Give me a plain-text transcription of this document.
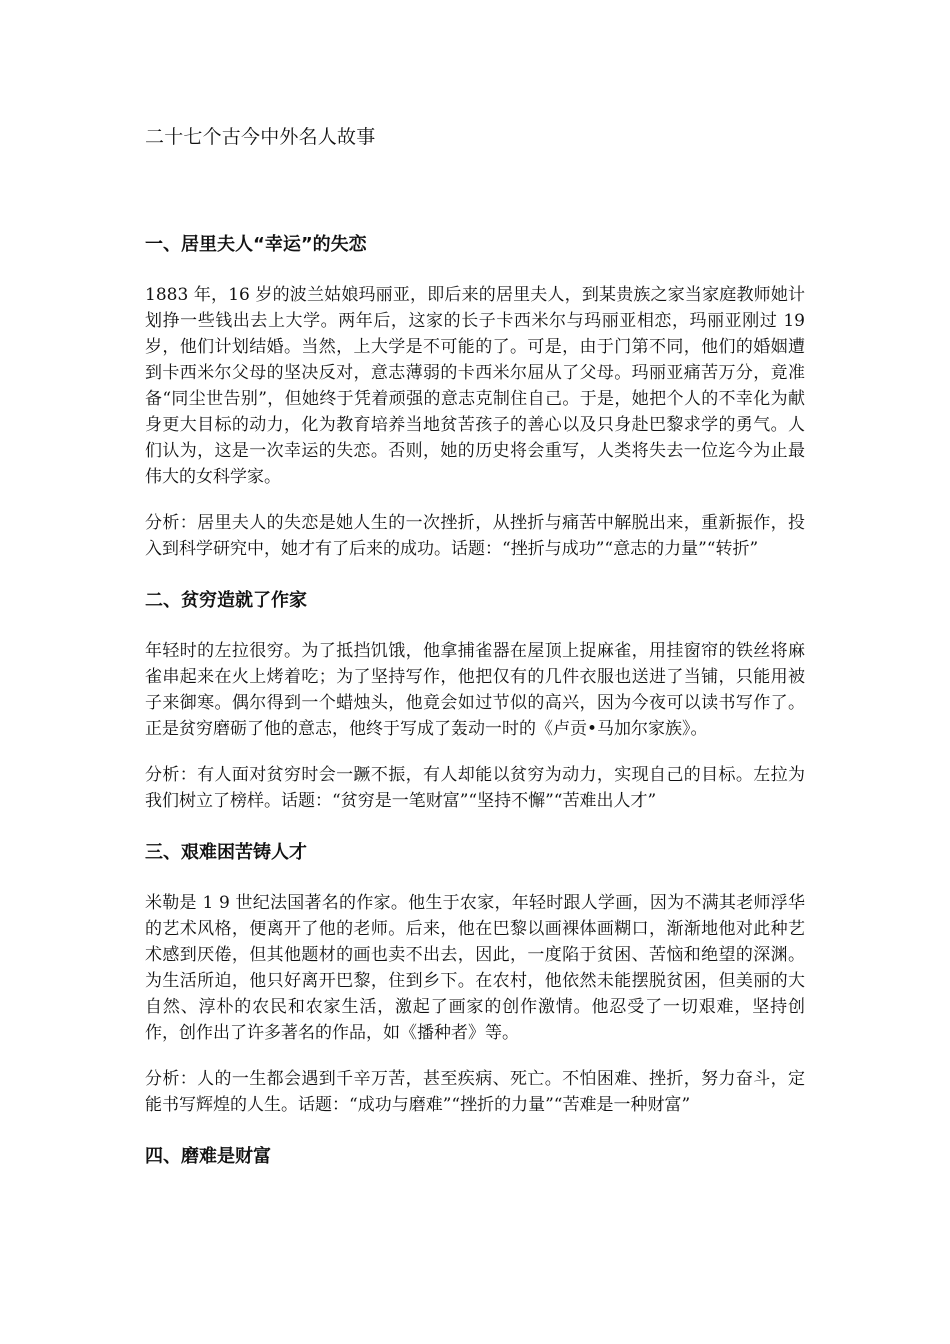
二十七个古今中外名人故事
一、居里夫人“幸运”的失恋

1883 年，16 岁的波兰姑娘玛丽亚，即后来的居里夫人，到某贵族之家当家庭教师她计划挣一些钱出去上大学。两年后，这家的长子卡西米尔与玛丽亚相恋，玛丽亚刚过 19 岁，他们计划结婚。当然，上大学是不可能的了。可是，由于门第不同，他们的婚姻遭到卡西米尔父母的坚决反对，意志薄弱的卡西米尔屈从了父母。玛丽亚痛苦万分，竟准备“同尘世告别”，但她终于凭着顽强的意志克制住自己。于是，她把个人的不幸化为献身更大目标的动力，化为教育培养当地贫苦孩子的善心以及只身赴巴黎求学的勇气。人们认为，这是一次幸运的失恋。否则，她的历史将会重写，人类将失去一位迄今为止最伟大的女科学家。

分析：居里夫人的失恋是她人生的一次挫折，从挫折与痛苦中解脱出来，重新振作，投入到科学研究中，她才有了后来的成功。话题：“挫折与成功”“意志的力量”“转折”

二、贫穷造就了作家

年轻时的左拉很穷。为了抵挡饥饿，他拿捕雀器在屋顶上捉麻雀，用挂窗帘的铁丝将麻雀串起来在火上烤着吃；为了坚持写作，他把仅有的几件衣服也送进了当铺，只能用被子来御寒。偶尔得到一个蜡烛头，他竟会如过节似的高兴，因为今夜可以读书写作了。正是贫穷磨砺了他的意志，他终于写成了轰动一时的《卢贡•马加尔家族》。

分析：有人面对贫穷时会一蹶不振，有人却能以贫穷为动力，实现自己的目标。左拉为我们树立了榜样。话题：“贫穷是一笔财富”“坚持不懈”“苦难出人才”

三、艰难困苦铸人才

米勒是 1 9 世纪法国著名的作家。他生于农家，年轻时跟人学画，因为不满其老师浮华的艺术风格，便离开了他的老师。后来，他在巴黎以画裸体画糊口，渐渐地他对此种艺术感到厌倦，但其他题材的画也卖不出去，因此，一度陷于贫困、苦恼和绝望的深渊。为生活所迫，他只好离开巴黎，住到乡下。在农村，他依然未能摆脱贫困，但美丽的大自然、淳朴的农民和农家生活，激起了画家的创作激情。他忍受了一切艰难，坚持创作，创作出了许多著名的作品，如《播种者》等。

分析：人的一生都会遇到千辛万苦，甚至疾病、死亡。不怕困难、挫折，努力奋斗，定能书写辉煌的人生。话题：“成功与磨难”“挫折的力量”“苦难是一种财富”

四、磨难是财富
